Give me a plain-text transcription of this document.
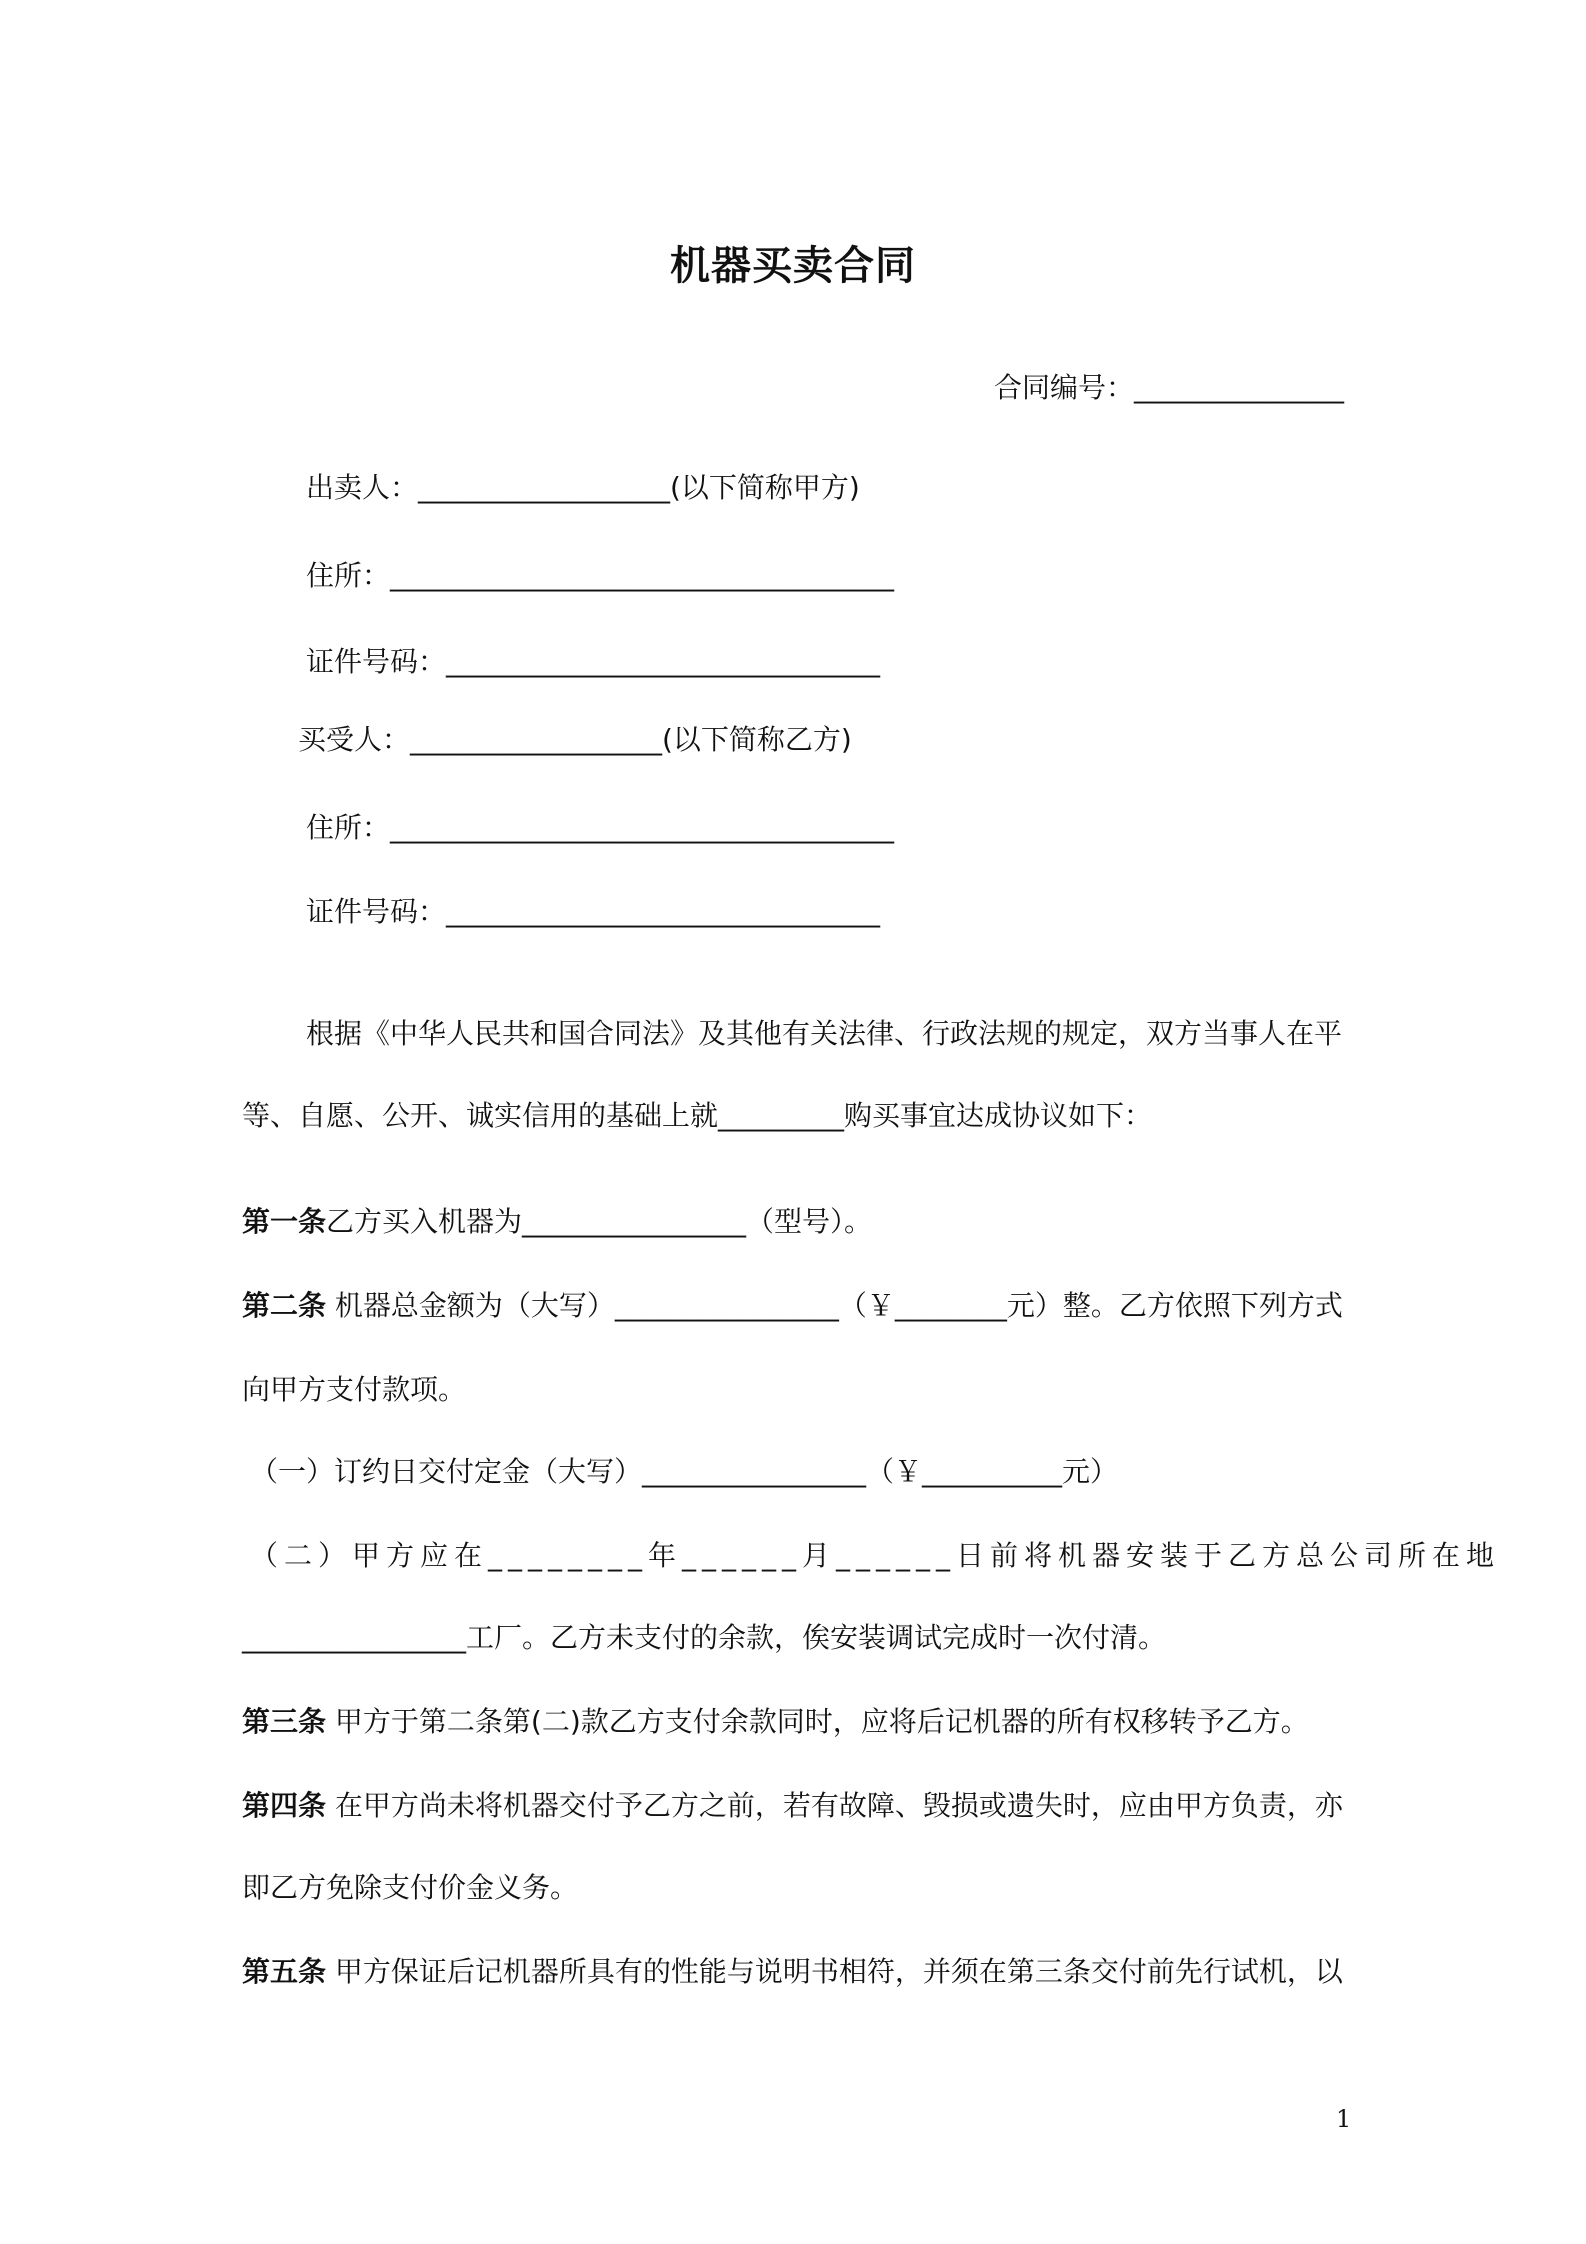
机器买卖合同
合同编号：_______________
出卖人：__________________(以下简称甲方)
住所：____________________________________
证件号码：_______________________________
买受人：__________________(以下简称乙方)
住所：____________________________________
证件号码：_______________________________
根据《中华人民共和国合同法》及其他有关法律、行政法规的规定，双方当事人在平
等、自愿、公开、诚实信用的基础上就_________购买事宜达成协议如下：
第一条乙方买入机器为________________（型号）。
第二条 机器总金额为（大写）________________（￥________元）整。乙方依照下列方式
向甲方支付款项。
（一）订约日交付定金（大写）________________（￥__________元）
（二）甲方应在________年______月______日前将机器安装于乙方总公司所在地
________________工厂。乙方未支付的余款，俟安装调试完成时一次付清。
第三条 甲方于第二条第(二)款乙方支付余款同时，应将后记机器的所有权移转予乙方。
第四条 在甲方尚未将机器交付予乙方之前，若有故障、毁损或遗失时，应由甲方负责，亦
即乙方免除支付价金义务。
第五条 甲方保证后记机器所具有的性能与说明书相符，并须在第三条交付前先行试机，以
1
